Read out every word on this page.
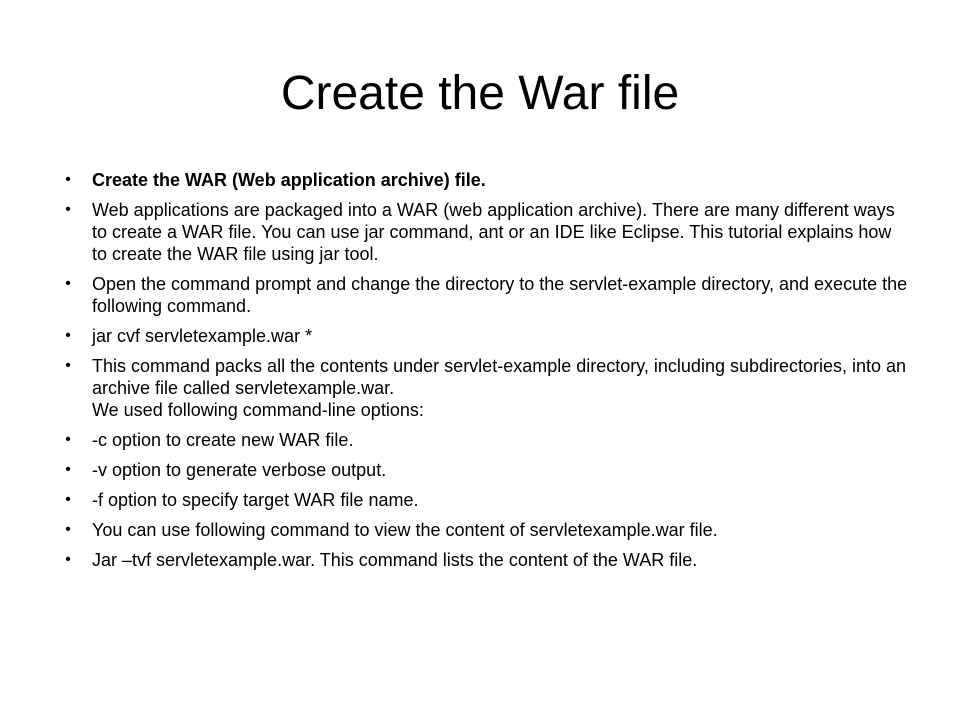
Create the War file
•	Create the WAR (Web application archive) file.
•	Web applications are packaged into a WAR (web application archive). There are many different ways to create a WAR file. You can use jar command, ant or an IDE like Eclipse. This tutorial explains how to create the WAR file using jar tool.
•	Open the command prompt and change the directory to the servlet-example directory, and execute the following command.
•	jar cvf servletexample.war *
•	This command packs all the contents under servlet-example directory, including subdirectories, into an archive file called servletexample.war.
We used following command-line options:
•	-c option to create new WAR file.
•	-v option to generate verbose output.
•	-f option to specify target WAR file name.
•	You can use following command to view the content of servletexample.war file.
•	Jar –tvf servletexample.war. This command lists the content of the WAR file.
